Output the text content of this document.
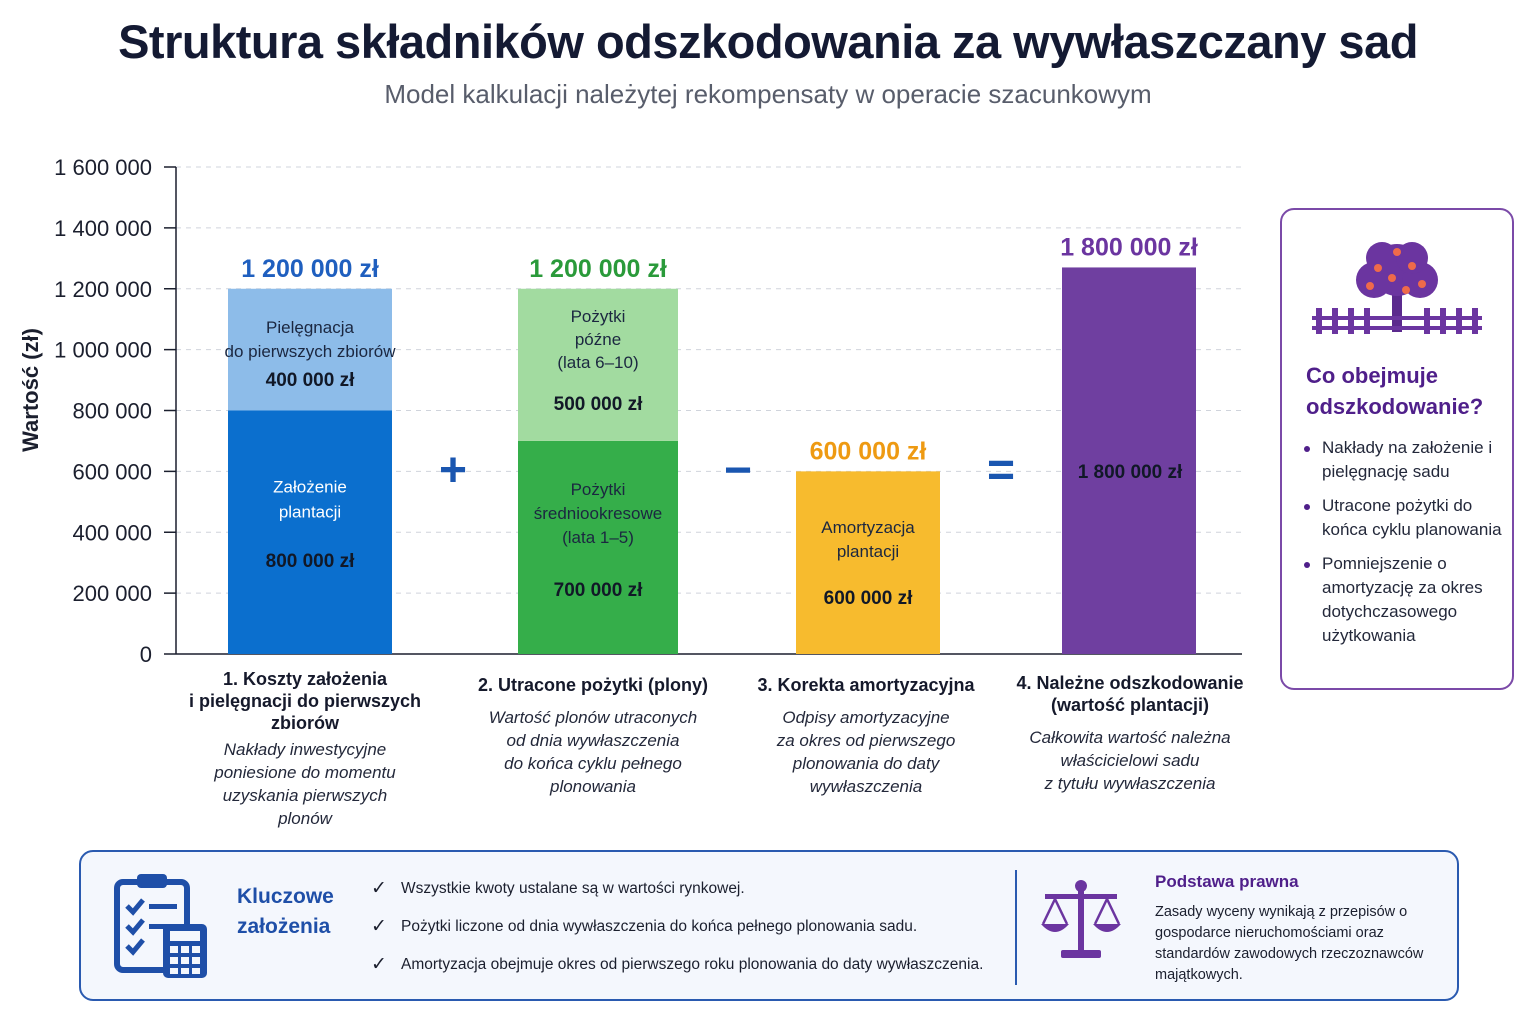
Struktura składników odszkodowania za wywłaszczany sad
Model kalkulacji należytej rekompensaty w operacie szacunkowym
0
200 000
400 000
600 000
800 000
1 000 000
1 200 000
1 400 000
1 600 000
Wartość (zł)
1 200 000 zł	1 200 000 zł
600 000 zł
1 800 000 zł
Pielęgnacja do pierwszych zbiorów
400 000 zł
Założenie plantacji
800 000 zł
Pożytki późne (lata 6–10)
500 000 zł
Pożytki średniookresowe (lata 1–5)
700 000 zł
Amortyzacja plantacji
600 000 zł
1 800 000 zł
+	−	=
1. Koszty założenia
i pielęgnacji do pierwszych
zbiorów
Nakłady inwestycyjne
poniesione do momentu
uzyskania pierwszych
plonów
2. Utracone pożytki (plony)
Wartość plonów utraconych
od dnia wywłaszczenia
do końca cyklu pełnego
plonowania
3. Korekta amortyzacyjna
Odpisy amortyzacyjne
za okres od pierwszego
plonowania do daty
wywłaszczenia
4. Należne odszkodowanie
(wartość plantacji)
Całkowita wartość należna
właścicielowi sadu
z tytułu wywłaszczenia
Co obejmuje
odszkodowanie?
Nakłady na założenie i pielęgnację sadu
Utracone pożytki do końca cyklu planowania
Pomniejszenie o amortyzację za okres dotychczasowego użytkowania
Kluczowe
założenia
✓ Wszystkie kwoty ustalane są w wartości rynkowej.
✓ Pożytki liczone od dnia wywłaszczenia do końca pełnego plonowania sadu.
✓ Amortyzacja obejmuje okres od pierwszego roku plonowania do daty wywłaszczenia.
Podstawa prawna
Zasady wyceny wynikają z przepisów o gospodarce nieruchomościami oraz standardów zawodowych rzeczoznawców majątkowych.
